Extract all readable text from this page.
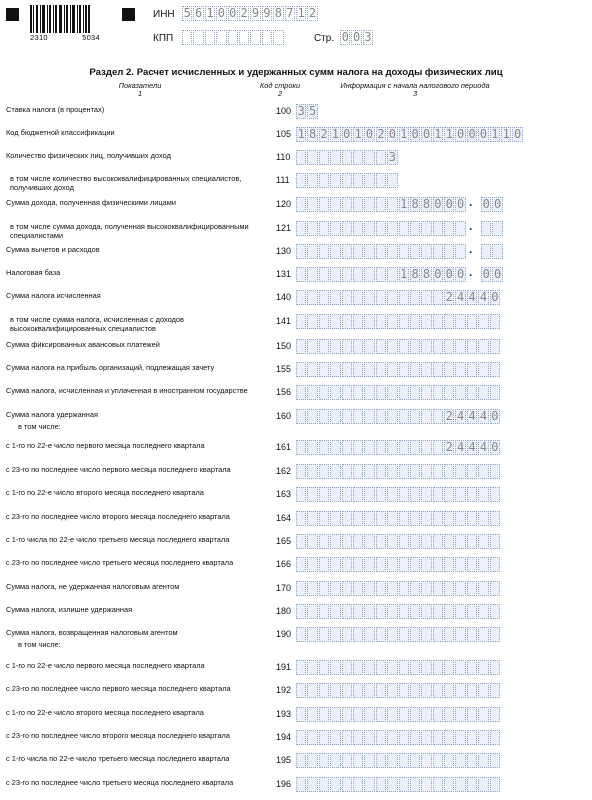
2310	5034
ИНН 5 6 1 0 0 2 9 9 8 7 1 2
КПП	Стр. 0 0 3
Раздел 2. Расчет исчисленных и удержанных сумм налога на доходы физических лиц
Показатели
1
Код строки
2
Информация с начала налогового периода
3
Ставка налога (в процентах)	100 3 5
Код бюджетной классификации	105 1 8 2 1 0 1 0 2 0 1 0 0 1 1 0 0 0 1 1 0
Количество физических лиц, получивших доход	110	3
в том числе количество высококвалифицированных специалистов, получивших доход
111
Сумма дохода, полученная физическими лицами	120	1 8 8 0 0 0 . 0 0
в том числе сумма дохода, полученная высококвалифицированными специалистами
121	.
Сумма вычетов и расходов	130	.
Налоговая база	131	1 8 8 0 0 0 . 0 0
Сумма налога исчисленная	140	2 4 4 4 0
в том числе сумма налога, исчисленная с доходов высококвалифицированных специалистов
141
Сумма фиксированных авансовых платежей	150
Сумма налога на прибыль организаций, подлежащая зачету	155
Сумма налога, исчисленная и уплаченная в иностранном государстве	156
Сумма налога удержанная
в том числе:
160	2 4 4 4 0
с 1-го по 22-е число первого месяца последнего квартала	161	2 4 4 4 0
с 23-го по последнее число первого месяца последнего квартала	162
с 1-го по 22-е число второго месяца последнего квартала	163
с 23-го по последнее число второго месяца последнего квартала	164
с 1-го числа по 22-е число третьего месяца последнего квартала	165
с 23-го по последнее число третьего месяца последнего квартала	166
Сумма налога, не удержанная налоговым агентом	170
Сумма налога, излишне удержанная	180
Сумма налога, возвращенная налоговым агентом
в том числе:
190
с 1-го по 22-е число первого месяца последнего квартала	191
с 23-го по последнее число первого месяца последнего квартала	192
с 1-го по 22-е число второго месяца последнего квартала	193
с 23-го по последнее число второго месяца последнего квартала	194
с 1-го числа по 22-е число третьего месяца последнего квартала	195
с 23-го по последнее число третьего месяца последнего квартала	196
